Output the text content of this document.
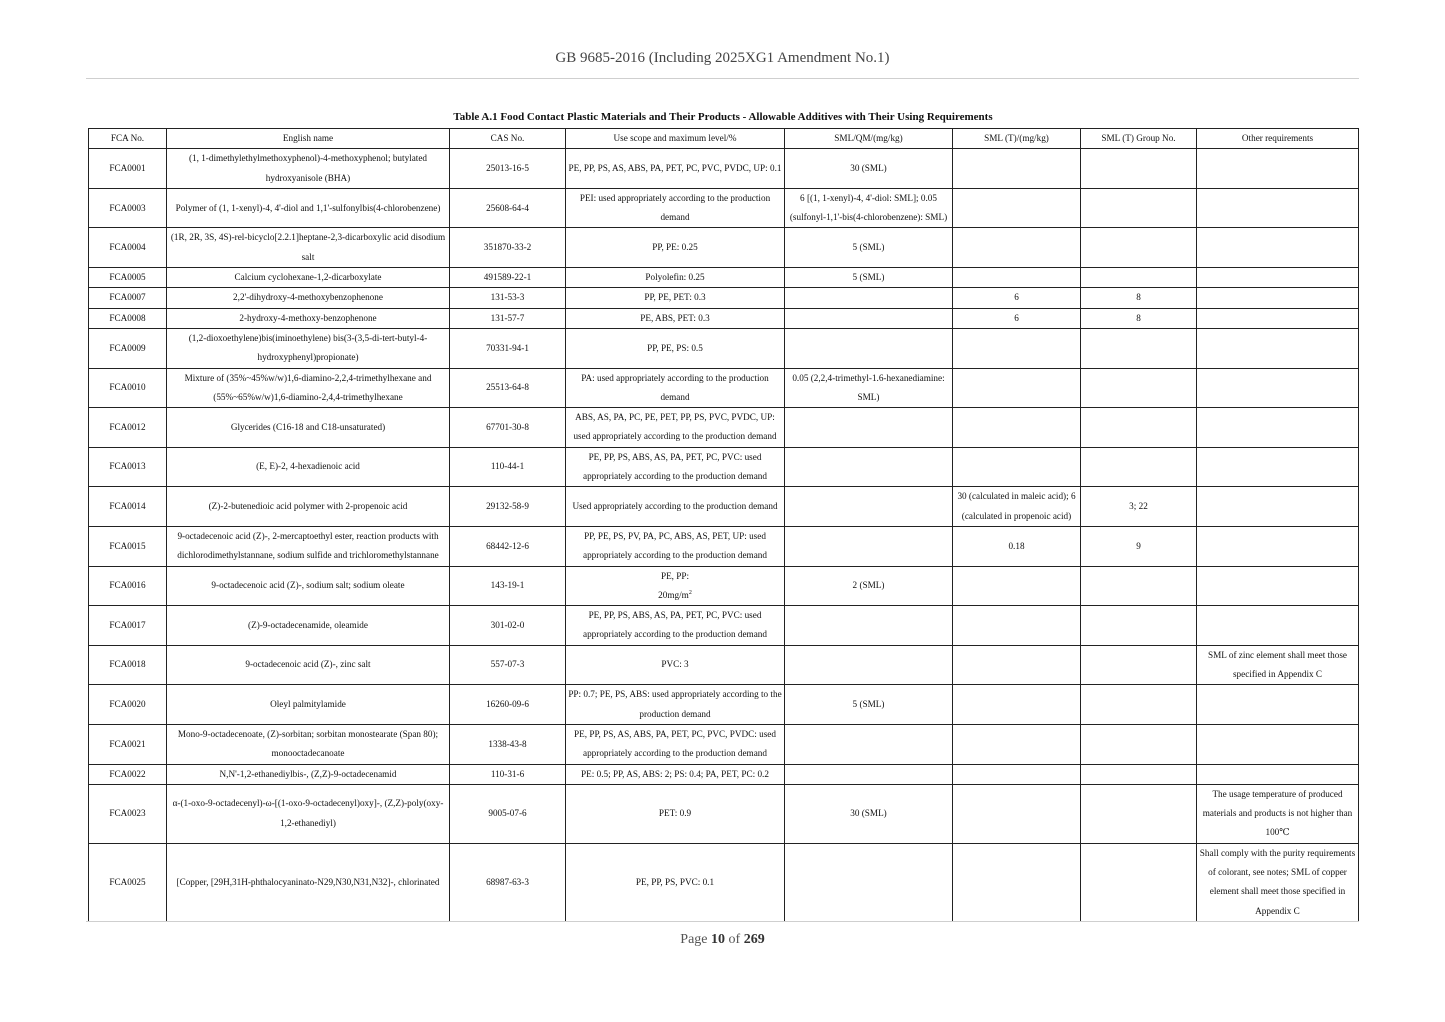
GB 9685-2016 (Including 2025XG1 Amendment No.1)
Table A.1 Food Contact Plastic Materials and Their Products - Allowable Additives with Their Using Requirements
FCA No.	English name	CAS No.	Use scope and maximum level/%	SML/QM/(mg/kg)	SML (T)/(mg/kg)	SML (T) Group No.	Other requirements
FCA0001	(1, 1-dimethylethylmethoxyphenol)-4-methoxyphenol; butylated hydroxyanisole (BHA)	25013-16-5	PE, PP, PS, AS, ABS, PA, PET, PC, PVC, PVDC, UP: 0.1	30 (SML)			
FCA0003	Polymer of (1, 1-xenyl)-4, 4'-diol and 1,1'-sulfonylbis(4-chlorobenzene)	25608-64-4	PEI: used appropriately according to the production demand	6 [(1, 1-xenyl)-4, 4'-diol: SML]; 0.05 (sulfonyl-1,1'-bis(4-chlorobenzene): SML)			
FCA0004	(1R, 2R, 3S, 4S)-rel-bicyclo[2.2.1]heptane-2,3-dicarboxylic acid disodium salt	351870-33-2	PP, PE: 0.25	5 (SML)			
FCA0005	Calcium cyclohexane-1,2-dicarboxylate	491589-22-1	Polyolefin: 0.25	5 (SML)			
FCA0007	2,2'-dihydroxy-4-methoxybenzophenone	131-53-3	PP, PE, PET: 0.3		6	8	
FCA0008	2-hydroxy-4-methoxy-benzophenone	131-57-7	PE, ABS, PET: 0.3		6	8	
FCA0009	(1,2-dioxoethylene)bis(iminoethylene) bis(3-(3,5-di-tert-butyl-4-hydroxyphenyl)propionate)	70331-94-1	PP, PE, PS: 0.5				
FCA0010	Mixture of (35%~45%w/w)1,6-diamino-2,2,4-trimethylhexane and (55%~65%w/w)1,6-diamino-2,4,4-trimethylhexane	25513-64-8	PA: used appropriately according to the production demand	0.05 (2,2,4-trimethyl-1.6-hexanediamine: SML)			
FCA0012	Glycerides (C16-18 and C18-unsaturated)	67701-30-8	ABS, AS, PA, PC, PE, PET, PP, PS, PVC, PVDC, UP: used appropriately according to the production demand				
FCA0013	(E, E)-2, 4-hexadienoic acid	110-44-1	PE, PP, PS, ABS, AS, PA, PET, PC, PVC: used appropriately according to the production demand				
FCA0014	(Z)-2-butenedioic acid polymer with 2-propenoic acid	29132-58-9	Used appropriately according to the production demand		30 (calculated in maleic acid); 6 (calculated in propenoic acid)	3; 22	
FCA0015	9-octadecenoic acid (Z)-, 2-mercaptoethyl ester, reaction products with dichlorodimethylstannane, sodium sulfide and trichloromethylstannane	68442-12-6	PP, PE, PS, PV, PA, PC, ABS, AS, PET, UP: used appropriately according to the production demand		0.18	9	
FCA0016	9-octadecenoic acid (Z)-, sodium salt; sodium oleate	143-19-1	PE, PP:
$20mg/m^2$	2 (SML)			
FCA0017	(Z)-9-octadecenamide, oleamide	301-02-0	PE, PP, PS, ABS, AS, PA, PET, PC, PVC: used appropriately according to the production demand				
FCA0018	9-octadecenoic acid (Z)-, zinc salt	557-07-3	PVC: 3				SML of zinc element shall meet those specified in Appendix C
FCA0020	Oleyl palmitylamide	16260-09-6	PP: 0.7; PE, PS, ABS: used appropriately according to the production demand	5 (SML)			
FCA0021	Mono-9-octadecenoate, (Z)-sorbitan; sorbitan monostearate (Span 80); monooctadecanoate	1338-43-8	PE, PP, PS, AS, ABS, PA, PET, PC, PVC, PVDC: used appropriately according to the production demand				
FCA0022	N,N'-1,2-ethanediylbis-, (Z,Z)-9-octadecenamid	110-31-6	PE: 0.5; PP, AS, ABS: 2; PS: 0.4; PA, PET, PC: 0.2				
FCA0023	α-(1-oxo-9-octadecenyl)-ω-[(1-oxo-9-octadecenyl)oxy]-, (Z,Z)-poly(oxy-1,2-ethanediyl)	9005-07-6	PET: 0.9	30 (SML)			The usage temperature of produced materials and products is not higher than 100℃
FCA0025	[Copper, [29H,31H-phthalocyaninato-N29,N30,N31,N32]-, chlorinated	68987-63-3	PE, PP, PS, PVC: 0.1				Shall comply with the purity requirements of colorant, see notes; SML of copper element shall meet those specified in Appendix C
Page 10 of 269
